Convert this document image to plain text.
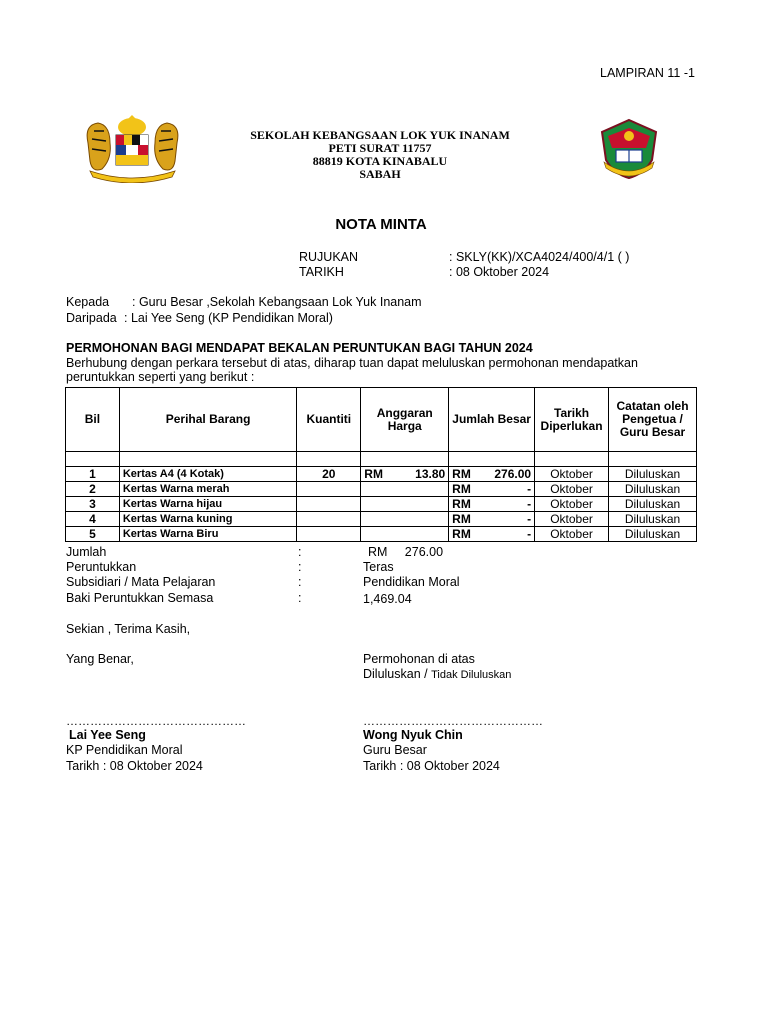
LAMPIRAN 11 -1
SEKOLAH KEBANGSAAN LOK YUK INANAM
PETI SURAT 11757
88819 KOTA KINABALU
SABAH
NOTA MINTA
RUJUKAN	: SKLY(KK)/XCA4024/400/4/1 ( )
TARIKH	: 08 Oktober 2024
Kepada : Guru Besar ,Sekolah Kebangsaan Lok Yuk Inanam
Daripada : Lai Yee Seng (KP Pendidikan Moral)
PERMOHONAN BAGI MENDAPAT BEKALAN PERUNTUKAN BAGI TAHUN 2024
Berhubung dengan perkara tersebut di atas, diharap tuan dapat meluluskan permohonan mendapatkan
peruntukkan seperti yang berikut :
Bil	Perihal Barang	Kuantiti	Anggaran Harga	Jumlah Besar	Tarikh Diperlukan	Catatan oleh Pengetua / Guru Besar

1	Kertas A4 (4 Kotak)	20	RM 13.80	RM 276.00	Oktober	Diluluskan
2	Kertas Warna merah			RM -	Oktober	Diluluskan
3	Kertas Warna hijau			RM -	Oktober	Diluluskan
4	Kertas Warna kuning			RM -	Oktober	Diluluskan
5	Kertas Warna Biru			RM -	Oktober	Diluluskan
Jumlah	:	RM     276.00
Peruntukkan	:	Teras
Subsidiari / Mata Pelajaran	:	Pendidikan Moral
Baki Peruntukkan Semasa	:	1,469.04
Sekian , Terima Kasih,
Yang Benar,	Permohonan di atas
Diluluskan / Tidak Diluluskan
………………………………………	………………………………………
Lai Yee Seng
KP Pendidikan Moral
Tarikh : 08 Oktober 2024
Wong Nyuk Chin
Guru Besar
Tarikh : 08 Oktober 2024
